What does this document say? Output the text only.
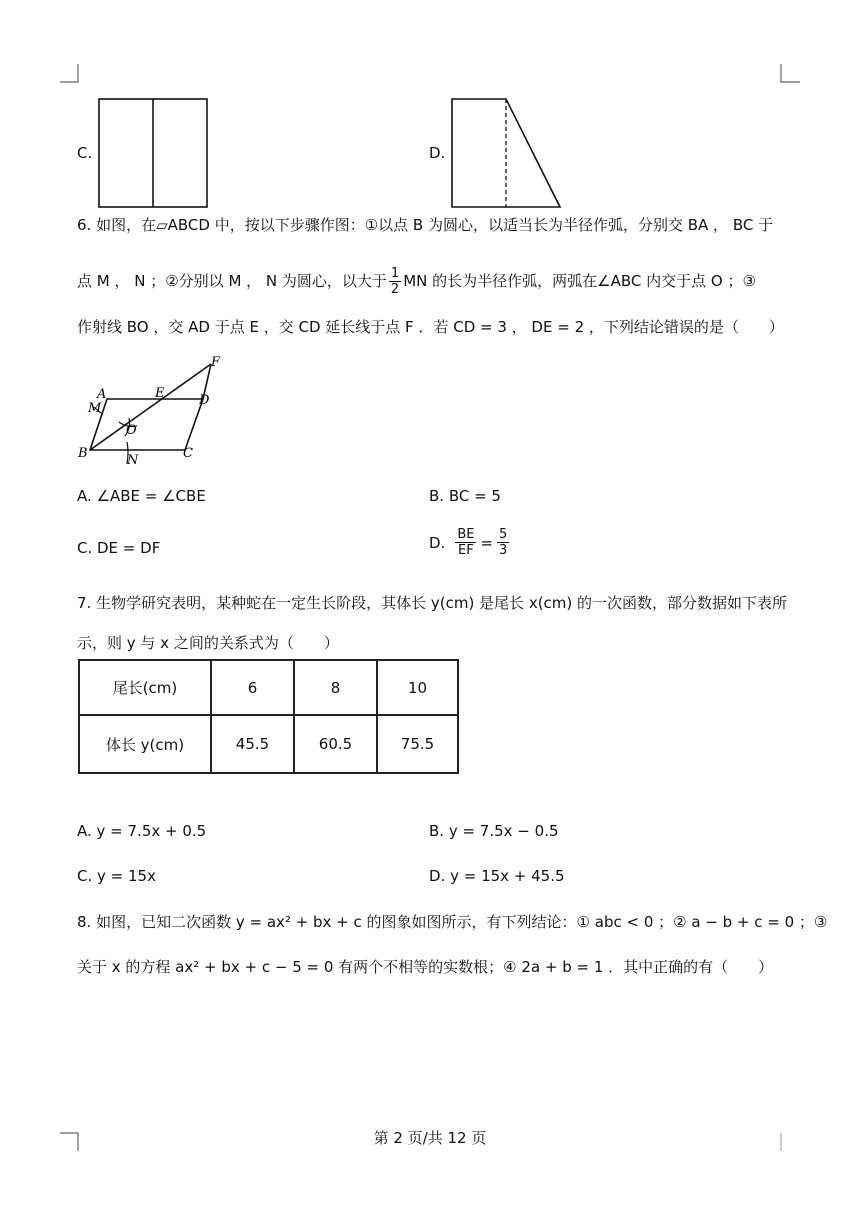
C.	D.
6. 如图，在▱ABCD 中，按以下步骤作图：①以点 B 为圆心，以适当长为半径作弧，分别交 BA ， BC 于
点 M ， N ；②分别以 M ， N 为圆心，以大于 $\frac{1}{2}$ MN 的长为半径作弧，两弧在∠ABC 内交于点 O ；③
作射线 BO ，交 AD 于点 E ，交 CD 延长线于点 F ．若 CD = 3 ， DE = 2 ，下列结论错误的是（　　）
A
M
E
F
D
O
B	N	C
A. ∠ABE = ∠CBE	B. BC = 5
C. DE = DF	D. $\frac{BE}{EF} = \frac{5}{3}$
7. 生物学研究表明，某种蛇在一定生长阶段，其体长 y(cm) 是尾长 x(cm) 的一次函数，部分数据如下表所
示，则 y 与 x 之间的关系式为（　　）
尾长(cm)	6	8	10
体长 y(cm)	45.5	60.5	75.5
A. y = 7.5x + 0.5	B. y = 7.5x − 0.5
C. y = 15x	D. y = 15x + 45.5
8. 如图，已知二次函数 y = ax² + bx + c 的图象如图所示，有下列结论：① abc < 0 ；② a − b + c = 0 ；③
关于 x 的方程 ax² + bx + c − 5 = 0 有两个不相等的实数根；④ 2a + b = 1 ．其中正确的有（　　）
第 2 页/共 12 页
